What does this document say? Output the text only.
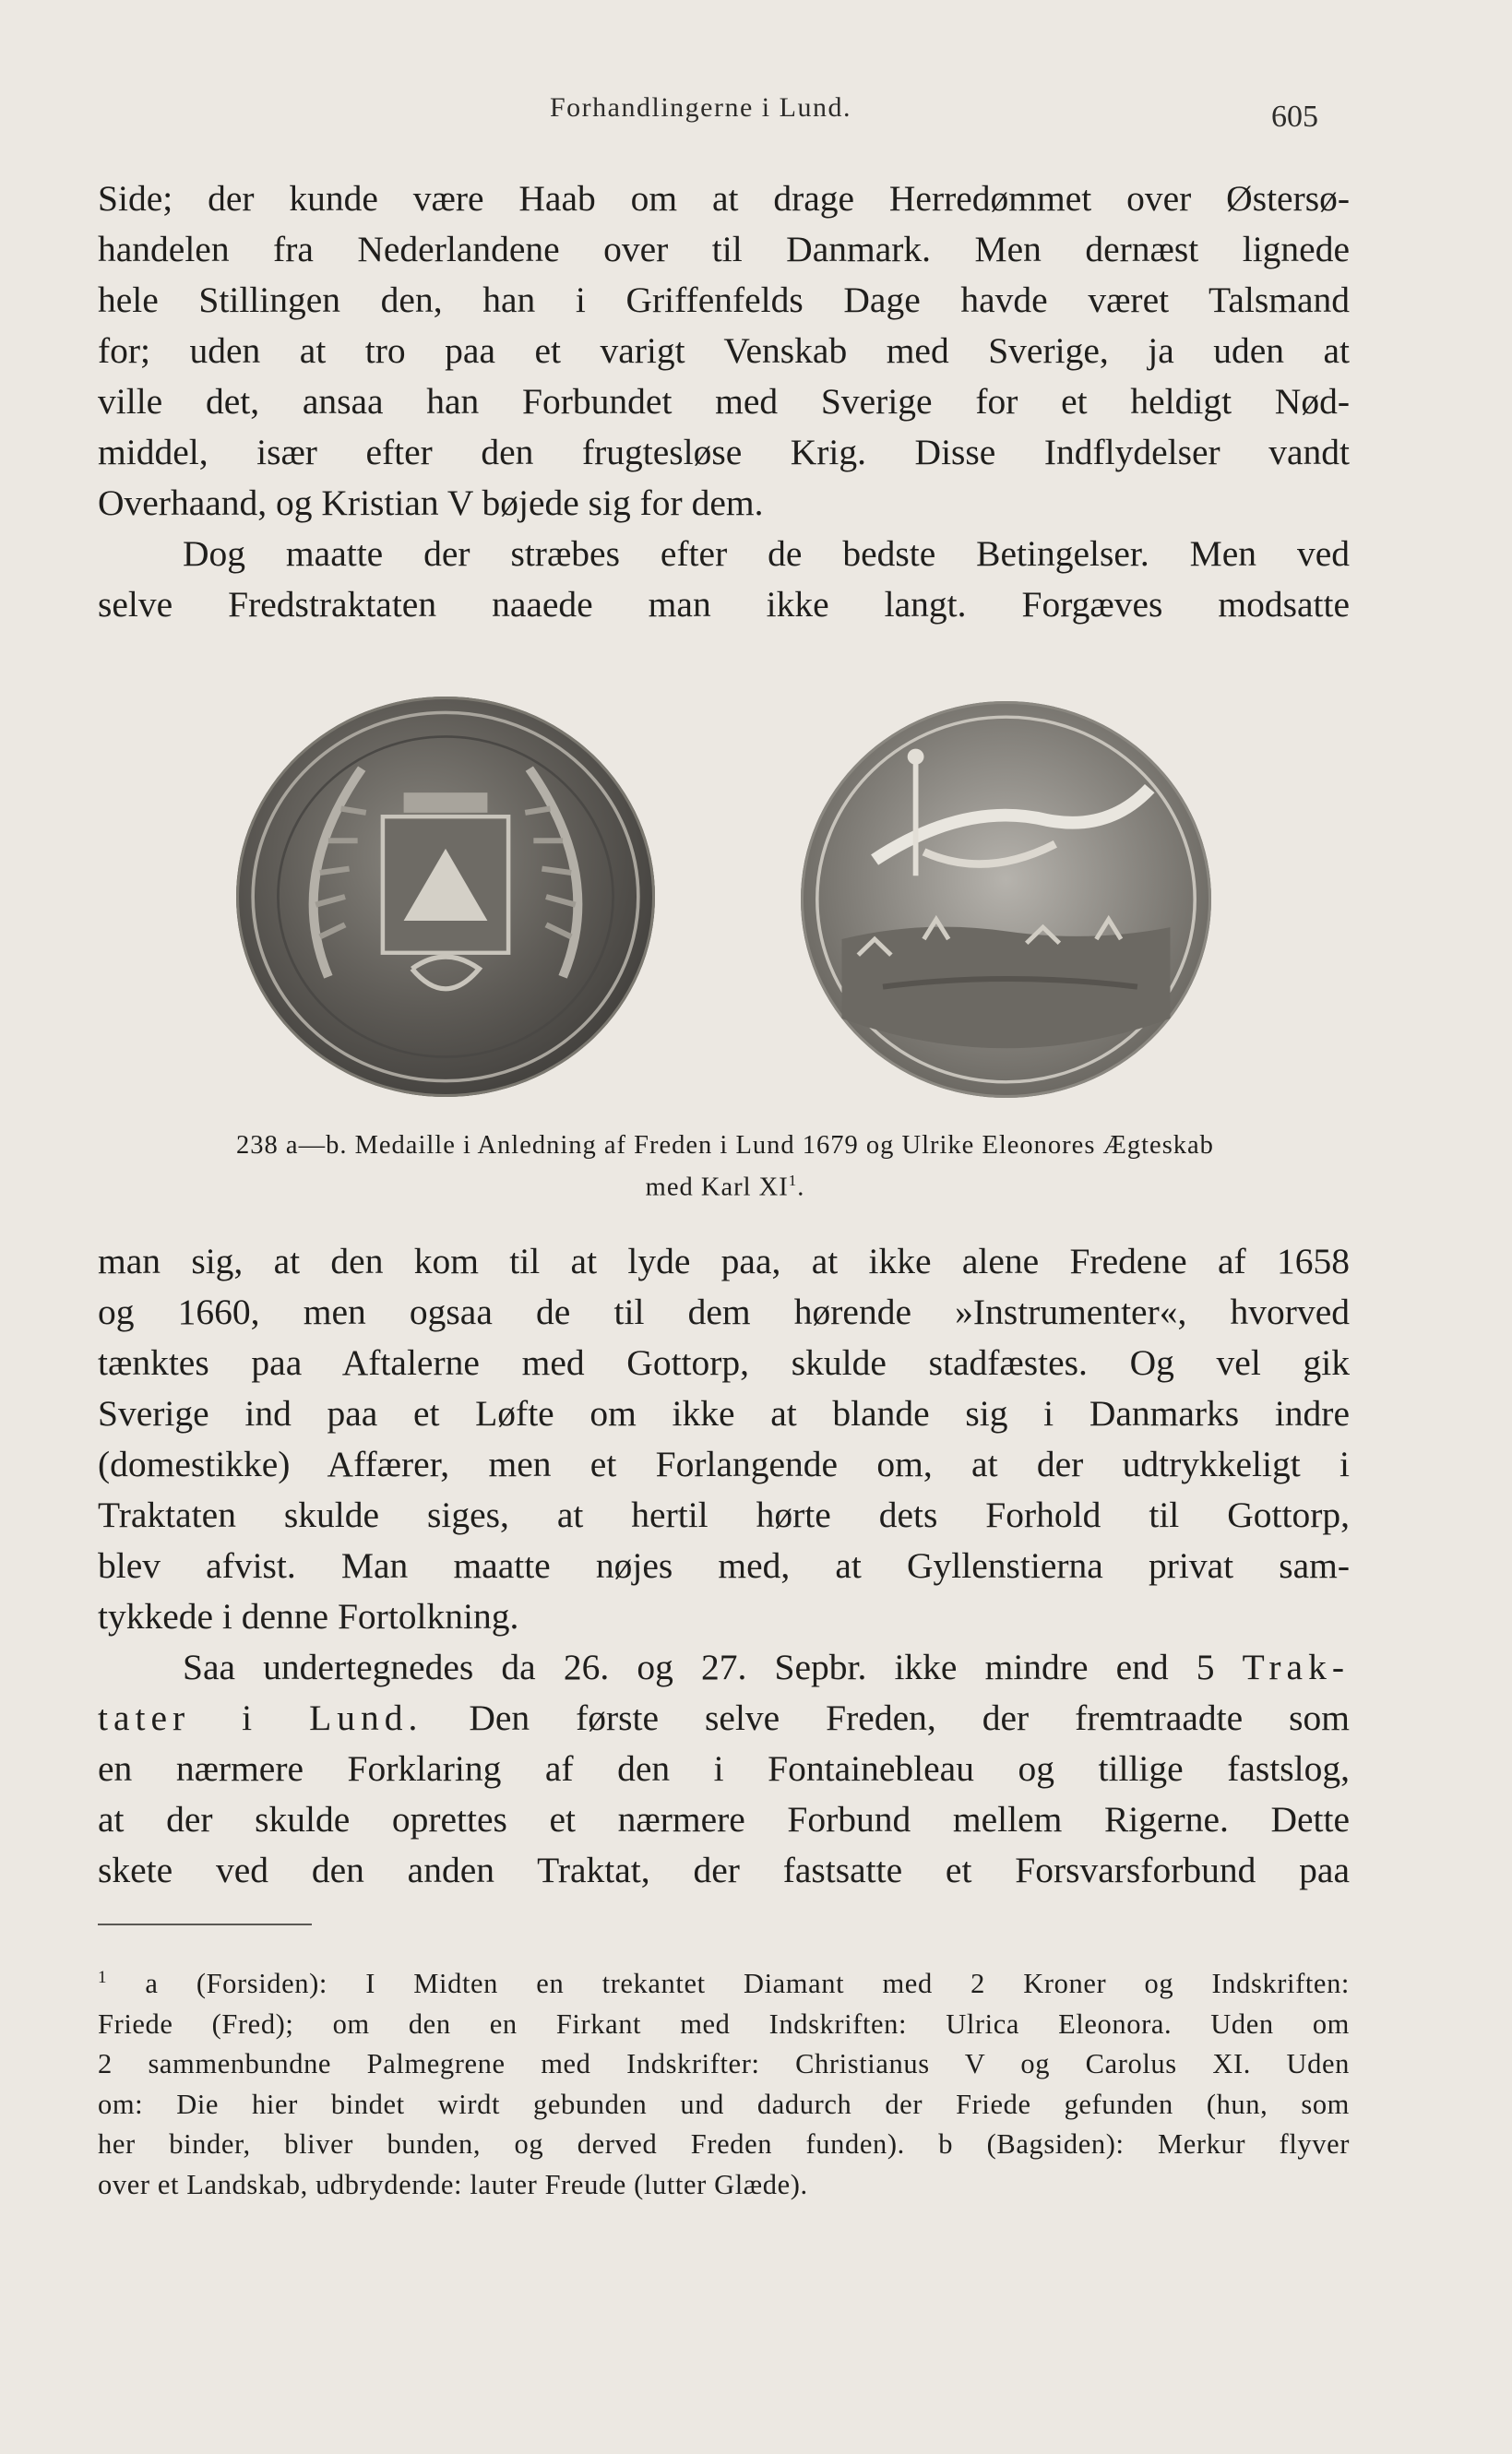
Forhandlingerne i Lund.	605
Side; der kunde være Haab om at drage Herredømmet over Østersø-
handelen fra Nederlandene over til Danmark. Men dernæst lignede
hele Stillingen den, han i Griffenfelds Dage havde været Talsmand
for; uden at tro paa et varigt Venskab med Sverige, ja uden at
ville det, ansaa han Forbundet med Sverige for et heldigt Nød-
middel, især efter den frugtesløse Krig. Disse Indflydelser vandt
Overhaand, og Kristian V bøjede sig for dem.
Dog maatte der stræbes efter de bedste Betingelser. Men ved
selve Fredstraktaten naaede man ikke langt. Forgæves modsatte
238 a—b. Medaille i Anledning af Freden i Lund 1679 og Ulrike Eleonores Ægteskab
med Karl $XI^1$.
man sig, at den kom til at lyde paa, at ikke alene Fredene af 1658
og 1660, men ogsaa de til dem hørende »Instrumenter«, hvorved
tænktes paa Aftalerne med Gottorp, skulde stadfæstes. Og vel gik
Sverige ind paa et Løfte om ikke at blande sig i Danmarks indre
(domestikke) Affærer, men et Forlangende om, at der udtrykkeligt i
Traktaten skulde siges, at hertil hørte dets Forhold til Gottorp,
blev afvist. Man maatte nøjes med, at Gyllenstierna privat sam-
tykkede i denne Fortolkning.
Saa undertegnedes da 26. og 27. Sepbr. ikke mindre end 5 Trak-
tater i Lund. Den første selve Freden, der fremtraadte som
en nærmere Forklaring af den i Fontainebleau og tillige fastslog,
at der skulde oprettes et nærmere Forbund mellem Rigerne. Dette
skete ved den anden Traktat, der fastsatte et Forsvarsforbund paa
$^1$ a (Forsiden): I Midten en trekantet Diamant med 2 Kroner og Indskriften:
Friede (Fred); om den en Firkant med Indskriften: Ulrica Eleonora. Uden om
2 sammenbundne Palmegrene med Indskrifter: Christianus V og Carolus XI. Uden
om: Die hier bindet wirdt gebunden und dadurch der Friede gefunden (hun, som
her binder, bliver bunden, og derved Freden funden). b (Bagsiden): Merkur flyver
over et Landskab, udbrydende: lauter Freude (lutter Glæde).
